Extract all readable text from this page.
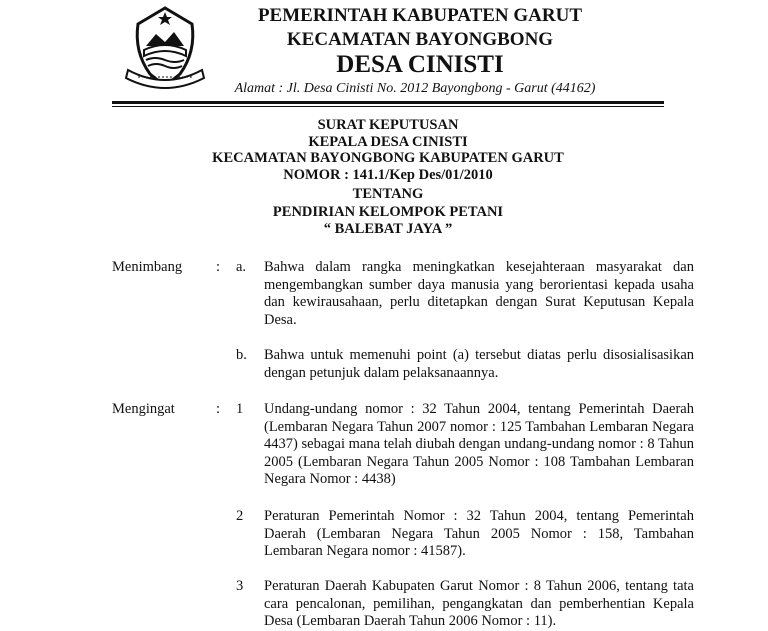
PEMERINTAH KABUPATEN GARUT
KECAMATAN BAYONGBONG
DESA CINISTI
Alamat : Jl. Desa Cinisti No. 2012 Bayongbong - Garut (44162)
SURAT KEPUTUSAN
KEPALA DESA CINISTI
KECAMATAN BAYONGBONG KABUPATEN GARUT
NOMOR : 141.1/Kep Des/01/2010
TENTANG
PENDIRIAN KELOMPOK PETANI
“ BALEBAT JAYA ”
Menimbang : a. Bahwa dalam rangka meningkatkan kesejahteraan masyarakat dan mengembangkan sumber daya manusia yang berorientasi kepada usaha dan kewirausahaan, perlu ditetapkan dengan Surat Keputusan Kepala Desa.
b. Bahwa untuk memenuhi point (a) tersebut diatas perlu disosialisasikan dengan petunjuk dalam pelaksanaannya.
Mengingat	: 1 Undang-undang nomor : 32 Tahun 2004, tentang Pemerintah Daerah (Lembaran Negara Tahun 2007 nomor : 125 Tambahan Lembaran Negara 4437) sebagai mana telah diubah dengan undang-undang nomor : 8 Tahun 2005 (Lembaran Negara Tahun 2005 Nomor : 108 Tambahan Lembaran Negara Nomor : 4438)
2 Peraturan Pemerintah Nomor : 32 Tahun 2004, tentang Pemerintah Daerah (Lembaran Negara Tahun 2005 Nomor : 158, Tambahan Lembaran Negara nomor : 41587).
3 Peraturan Daerah Kabupaten Garut Nomor : 8 Tahun 2006, tentang tata cara pencalonan, pemilihan, pengangkatan dan pemberhentian Kepala Desa (Lembaran Daerah Tahun 2006 Nomor : 11).
